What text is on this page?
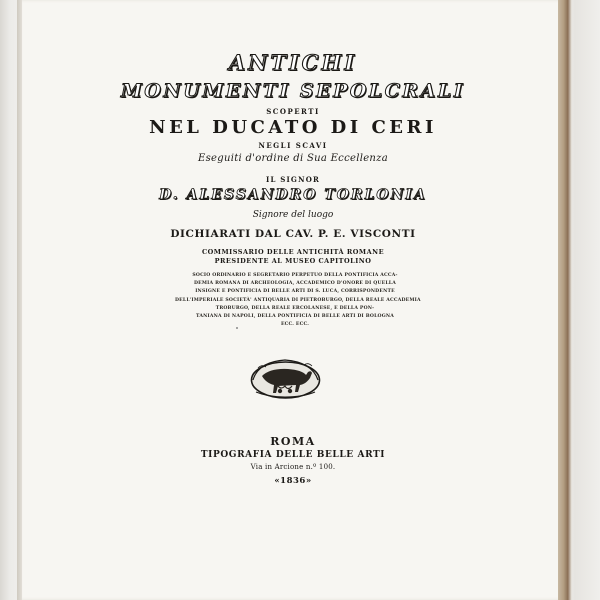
ANTICHI
MONUMENTI SEPOLCRALI
SCOPERTI
NEL DUCATO DI CERI
NEGLI SCAVI
Eseguiti d'ordine di Sua Eccellenza
IL SIGNOR
D. ALESSANDRO TORLONIA
Signore del luogo
DICHIARATI DAL CAV. P. E. VISCONTI
COMMISSARIO DELLE ANTICHITÀ ROMANE
PRESIDENTE AL MUSEO CAPITOLINO
SOCIO ORDINARIO E SEGRETARIO PERPETUO DELLA PONTIFICIA ACCA-
DEMIA ROMANA DI ARCHEOLOGIA, ACCADEMICO D'ONORE DI QUELLA
INSIGNE E PONTIFICIA DI BELLE ARTI DI S. LUCA, CORRISPONDENTE
DELL'IMPERIALE SOCIETÀ' ANTIQUARIA DI PIETROBURGO, DELLA REALE ACCADEMIA
TROBURGO, DELLA REALE ERCOLANESE, E DELLA PON-
TANIANA DI NAPOLI, DELLA PONTIFICIA DI BELLE ARTI DI BOLOGNA
ECC. ECC.
ROMA
TIPOGRAFIA DELLE BELLE ARTI
Via in Arcione n.º 100.
«1836»
